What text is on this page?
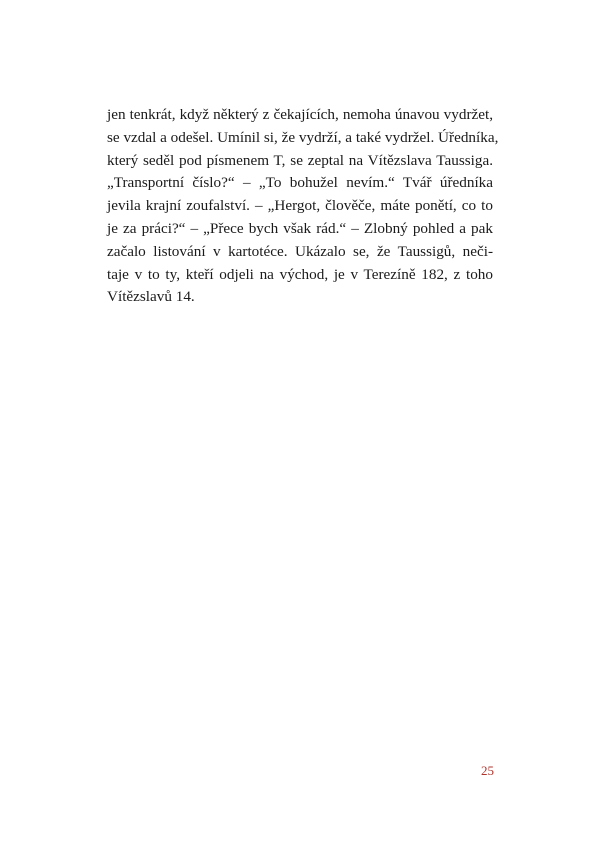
jen tenkrát, když některý z čekajících, nemoha únavou vydržet,
se vzdal a odešel. Umínil si, že vydrží, a také vydržel. Úředníka,
který seděl pod písmenem T, se zeptal na Vítězslava Taussiga.
„Transportní číslo?“ – „To bohužel nevím.“ Tvář úředníka
jevila krajní zoufalství. – „Hergot, člověče, máte ponětí, co to
je za práci?“ – „Přece bych však rád.“ – Zlobný pohled a pak
začalo listování v kartotéce. Ukázalo se, že Taussigů, neči-
taje v to ty, kteří odjeli na východ, je v Terezíně 182, z toho
Vítězslavů 14.
25
